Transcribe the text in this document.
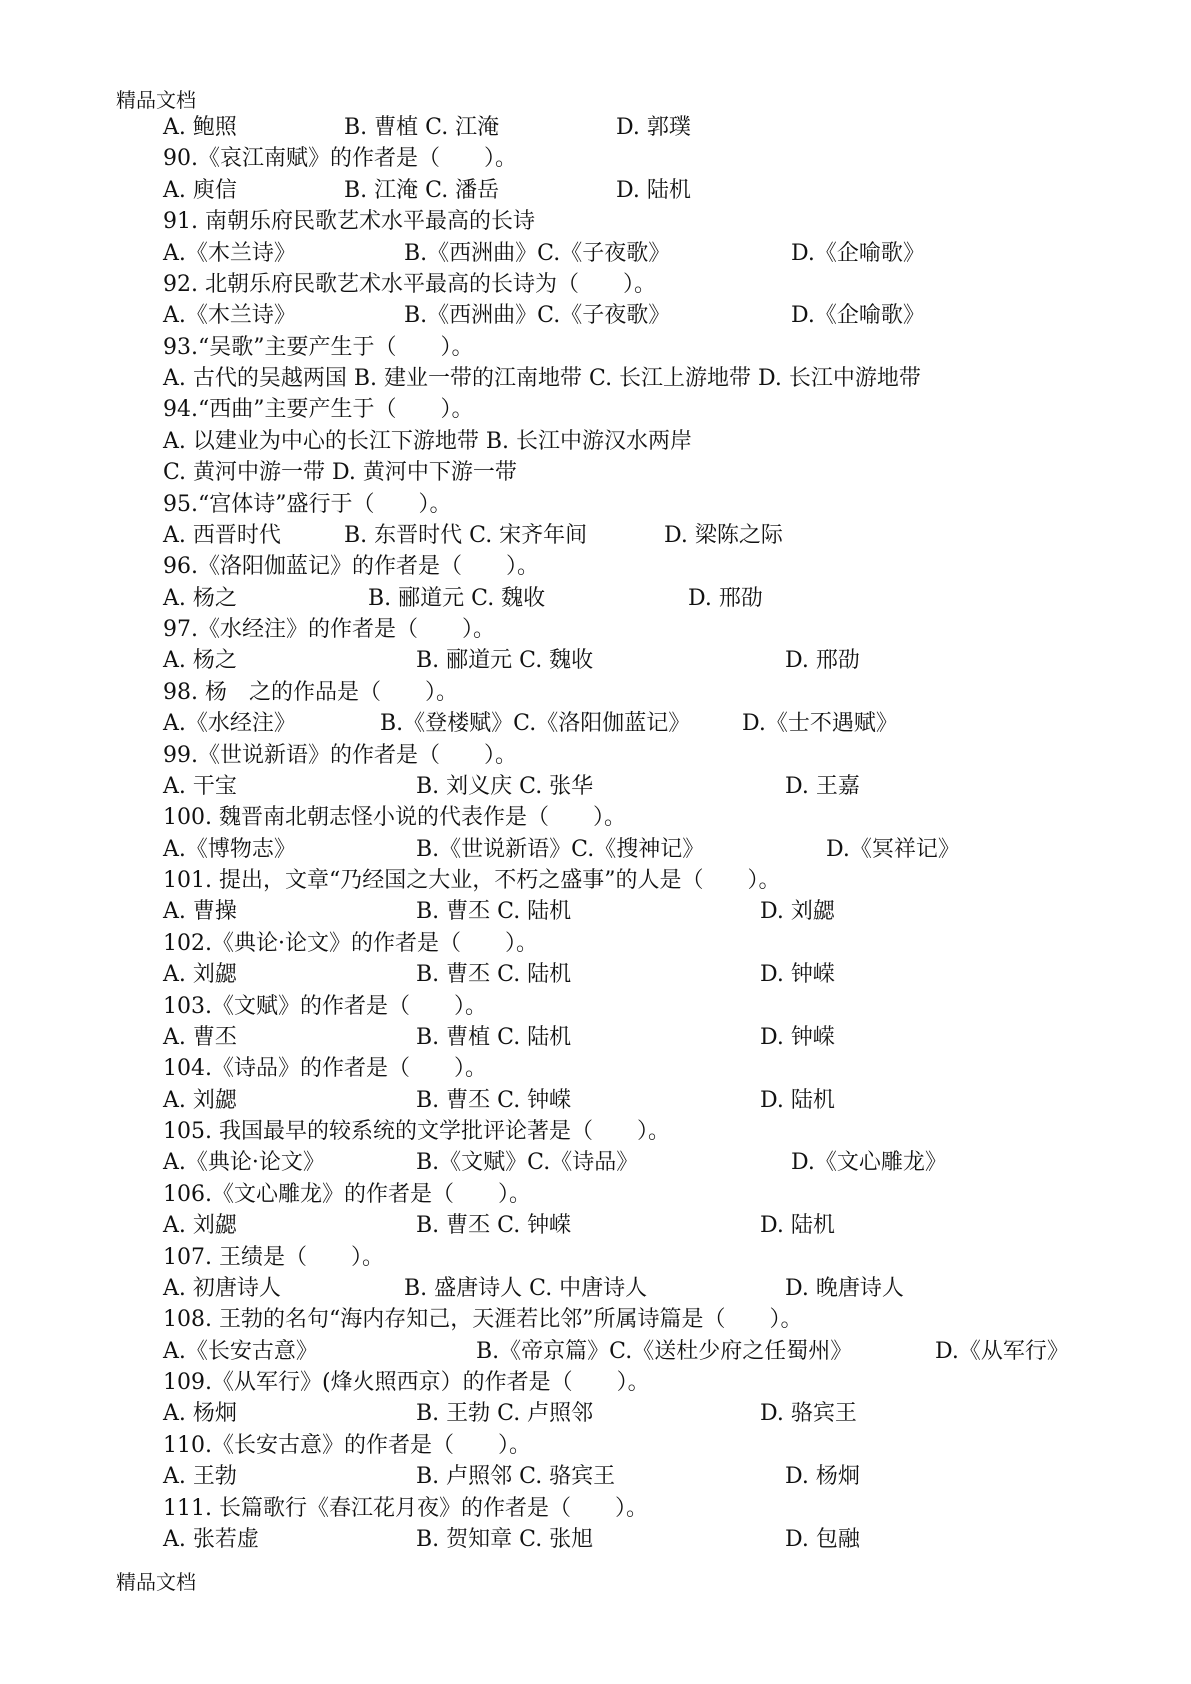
精品文档
A. 鲍照	B. 曹植 C. 江淹	D. 郭璞
90.《哀江南赋》的作者是（　　）。
A. 庾信	B. 江淹 C. 潘岳	D. 陆机
91. 南朝乐府民歌艺术水平最高的长诗
A.《木兰诗》	B.《西洲曲》C.《子夜歌》	D.《企喻歌》
92. 北朝乐府民歌艺术水平最高的长诗为（　　）。
A.《木兰诗》	B.《西洲曲》C.《子夜歌》	D.《企喻歌》
93.“吴歌”主要产生于（　　）。
A. 古代的吴越两国 B. 建业一带的江南地带 C. 长江上游地带 D. 长江中游地带
94.“西曲”主要产生于（　　）。
A. 以建业为中心的长江下游地带 B. 长江中游汉水两岸
C. 黄河中游一带 D. 黄河中下游一带
95.“宫体诗”盛行于（　　）。
A. 西晋时代	B. 东晋时代 C. 宋齐年间	D. 梁陈之际
96.《洛阳伽蓝记》的作者是（　　）。
A. 杨之	B. 郦道元 C. 魏收	D. 邢劭
97.《水经注》的作者是（　　）。
A. 杨之	B. 郦道元 C. 魏收	D. 邢劭
98. 杨　之的作品是（　　）。
A.《水经注》	B.《登楼赋》C.《洛阳伽蓝记》 D.《士不遇赋》
99.《世说新语》的作者是（　　）。
A. 干宝	B. 刘义庆 C. 张华	D. 王嘉
100. 魏晋南北朝志怪小说的代表作是（　　）。
A.《博物志》	B.《世说新语》C.《搜神记》	D.《冥祥记》
101. 提出，文章“乃经国之大业，不朽之盛事”的人是（　　）。
A. 曹操	B. 曹丕 C. 陆机	D. 刘勰
102.《典论·论文》的作者是（　　）。
A. 刘勰	B. 曹丕 C. 陆机	D. 钟嵘
103.《文赋》的作者是（　　）。
A. 曹丕	B. 曹植 C. 陆机	D. 钟嵘
104.《诗品》的作者是（　　）。
A. 刘勰	B. 曹丕 C. 钟嵘	D. 陆机
105. 我国最早的较系统的文学批评论著是（　　）。
A.《典论·论文》	B.《文赋》C.《诗品》	D.《文心雕龙》
106.《文心雕龙》的作者是（　　）。
A. 刘勰	B. 曹丕 C. 钟嵘	D. 陆机
107. 王绩是（　　）。
A. 初唐诗人	B. 盛唐诗人 C. 中唐诗人	D. 晚唐诗人
108. 王勃的名句“海内存知己，天涯若比邻”所属诗篇是（　　）。
A.《长安古意》	B.《帝京篇》C.《送杜少府之任蜀州》	D.《从军行》
109.《从军行》(烽火照西京）的作者是（　　）。
A. 杨炯	B. 王勃 C. 卢照邻	D. 骆宾王
110.《长安古意》的作者是（　　）。
A. 王勃	B. 卢照邻 C. 骆宾王	D. 杨炯
111. 长篇歌行《春江花月夜》的作者是（　　）。
A. 张若虚	B. 贺知章 C. 张旭	D. 包融
精品文档
